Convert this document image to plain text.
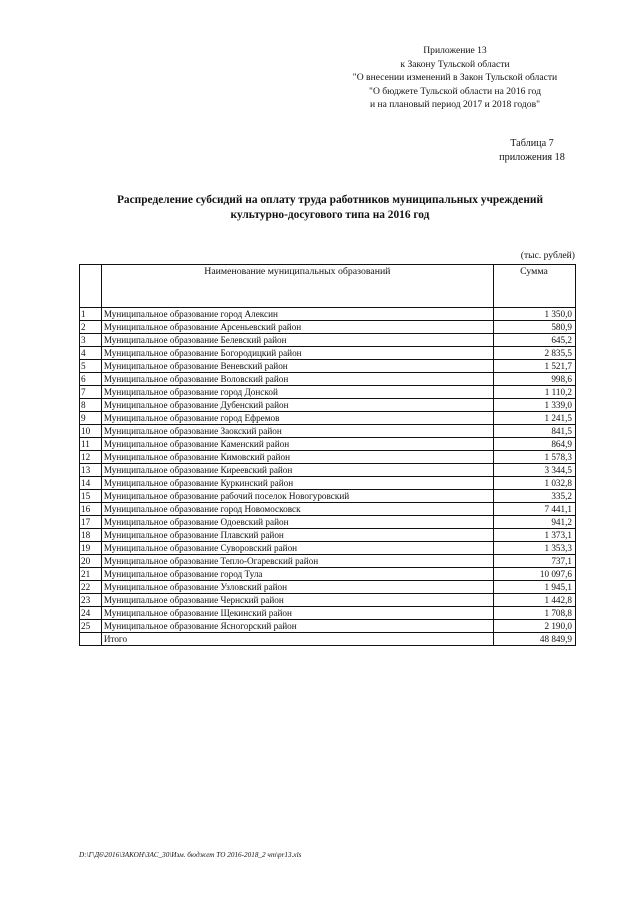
Приложение 13
к Закону Тульской области
"О внесении изменений в Закон Тульской области
"О бюджете Тульской области на 2016 год
и на плановый период 2017 и 2018 годов"
Таблица 7
приложения 18
Распределение субсидий на оплату труда работников муниципальных учреждений
культурно-досугового типа на 2016 год
(тыс. рублей)
	Наименование муниципальных образований	Сумма
1	Муниципальное образование город Алексин	1 350,0
2	Муниципальное образование Арсеньевский район	580,9
3	Муниципальное образование Белевский район	645,2
4	Муниципальное образование Богородицкий район	2 835,5
5	Муниципальное образование Веневский район	1 521,7
6	Муниципальное образование Воловский район	998,6
7	Муниципальное образование город Донской	1 110,2
8	Муниципальное образование Дубенский район	1 339,0
9	Муниципальное образование город Ефремов	1 241,5
10	Муниципальное образование Заокский район	841,5
11	Муниципальное образование Каменский район	864,9
12	Муниципальное образование Кимовский район	1 578,3
13	Муниципальное образование Киреевский район	3 344,5
14	Муниципальное образование Куркинский район	1 032,8
15	Муниципальное образование рабочий поселок Новогуровский	335,2
16	Муниципальное образование город Новомосковск	7 441,1
17	Муниципальное образование Одоевский район	941,2
18	Муниципальное образование Плавский район	1 373,1
19	Муниципальное образование Суворовский район	1 353,3
20	Муниципальное образование Тепло-Огаревский район	737,1
21	Муниципальное образование город Тула	10 097,6
22	Муниципальное образование Узловский район	1 945,1
23	Муниципальное образование Чернский район	1 442,8
24	Муниципальное образование Щекинский район	1 708,8
25	Муниципальное образование Ясногорский район	2 190,0
	Итого	48 849,9
D:\Г\Д6\2016\ЗАКОН\ЗАС_30\Изм. бюджет ТО 2016-2018_2 чт\pr13.xls
